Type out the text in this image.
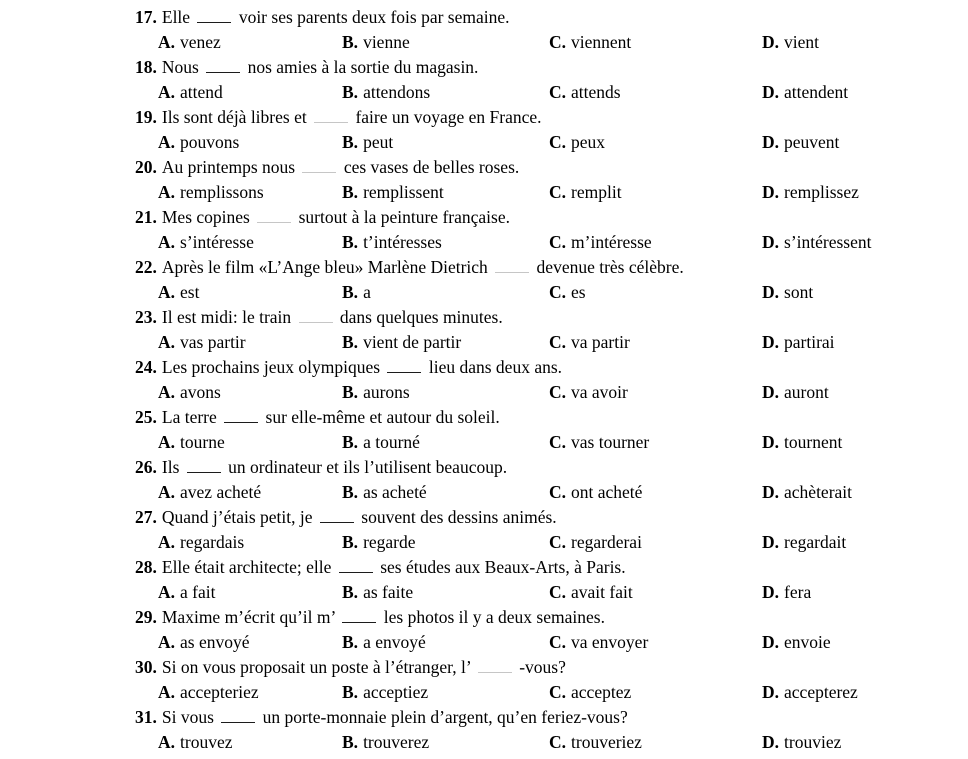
17. Elle	voir ses parents deux fois par semaine.
A. venez	B. vienne	C. viennent	D. vient
18. Nous	nos amies à la sortie du magasin.
A. attend	B. attendons	C. attends	D. attendent
19. Ils sont déjà libres et	faire un voyage en France.
A. pouvons	B. peut	C. peux	D. peuvent
20. Au printemps nous	ces vases de belles roses.
A. remplissons	B. remplissent	C. remplit	D. remplissez
21. Mes copines	surtout à la peinture française.
A. s’intéresse	B. t’intéresses	C. m’intéresse	D. s’intéressent
22. Après le film «L’Ange bleu» Marlène Dietrich	devenue très célèbre.
A. est	B. a	C. es	D. sont
23. Il est midi: le train	dans quelques minutes.
A. vas partir	B. vient de partir	C. va partir	D. partirai
24. Les prochains jeux olympiques	lieu dans deux ans.
A. avons	B. aurons	C. va avoir	D. auront
25. La terre	sur elle-même et autour du soleil.
A. tourne	B. a tourné	C. vas tourner	D. tournent
26. Ils	un ordinateur et ils l’utilisent beaucoup.
A. avez acheté	B. as acheté	C. ont acheté	D. achèterait
27. Quand j’étais petit, je	souvent des dessins animés.
A. regardais	B. regarde	C. regarderai	D. regardait
28. Elle était architecte; elle	ses études aux Beaux-Arts, à Paris.
A. a fait	B. as faite	C. avait fait	D. fera
29. Maxime m’écrit qu’il m’	les photos il y a deux semaines.
A. as envoyé	B. a envoyé	C. va envoyer	D. envoie
30. Si on vous proposait un poste à l’étranger, l’	-vous?
A. accepteriez	B. acceptiez	C. acceptez	D. accepterez
31. Si vous	un porte-monnaie plein d’argent, qu’en feriez-vous?
A. trouvez	B. trouverez	C. trouveriez	D. trouviez
